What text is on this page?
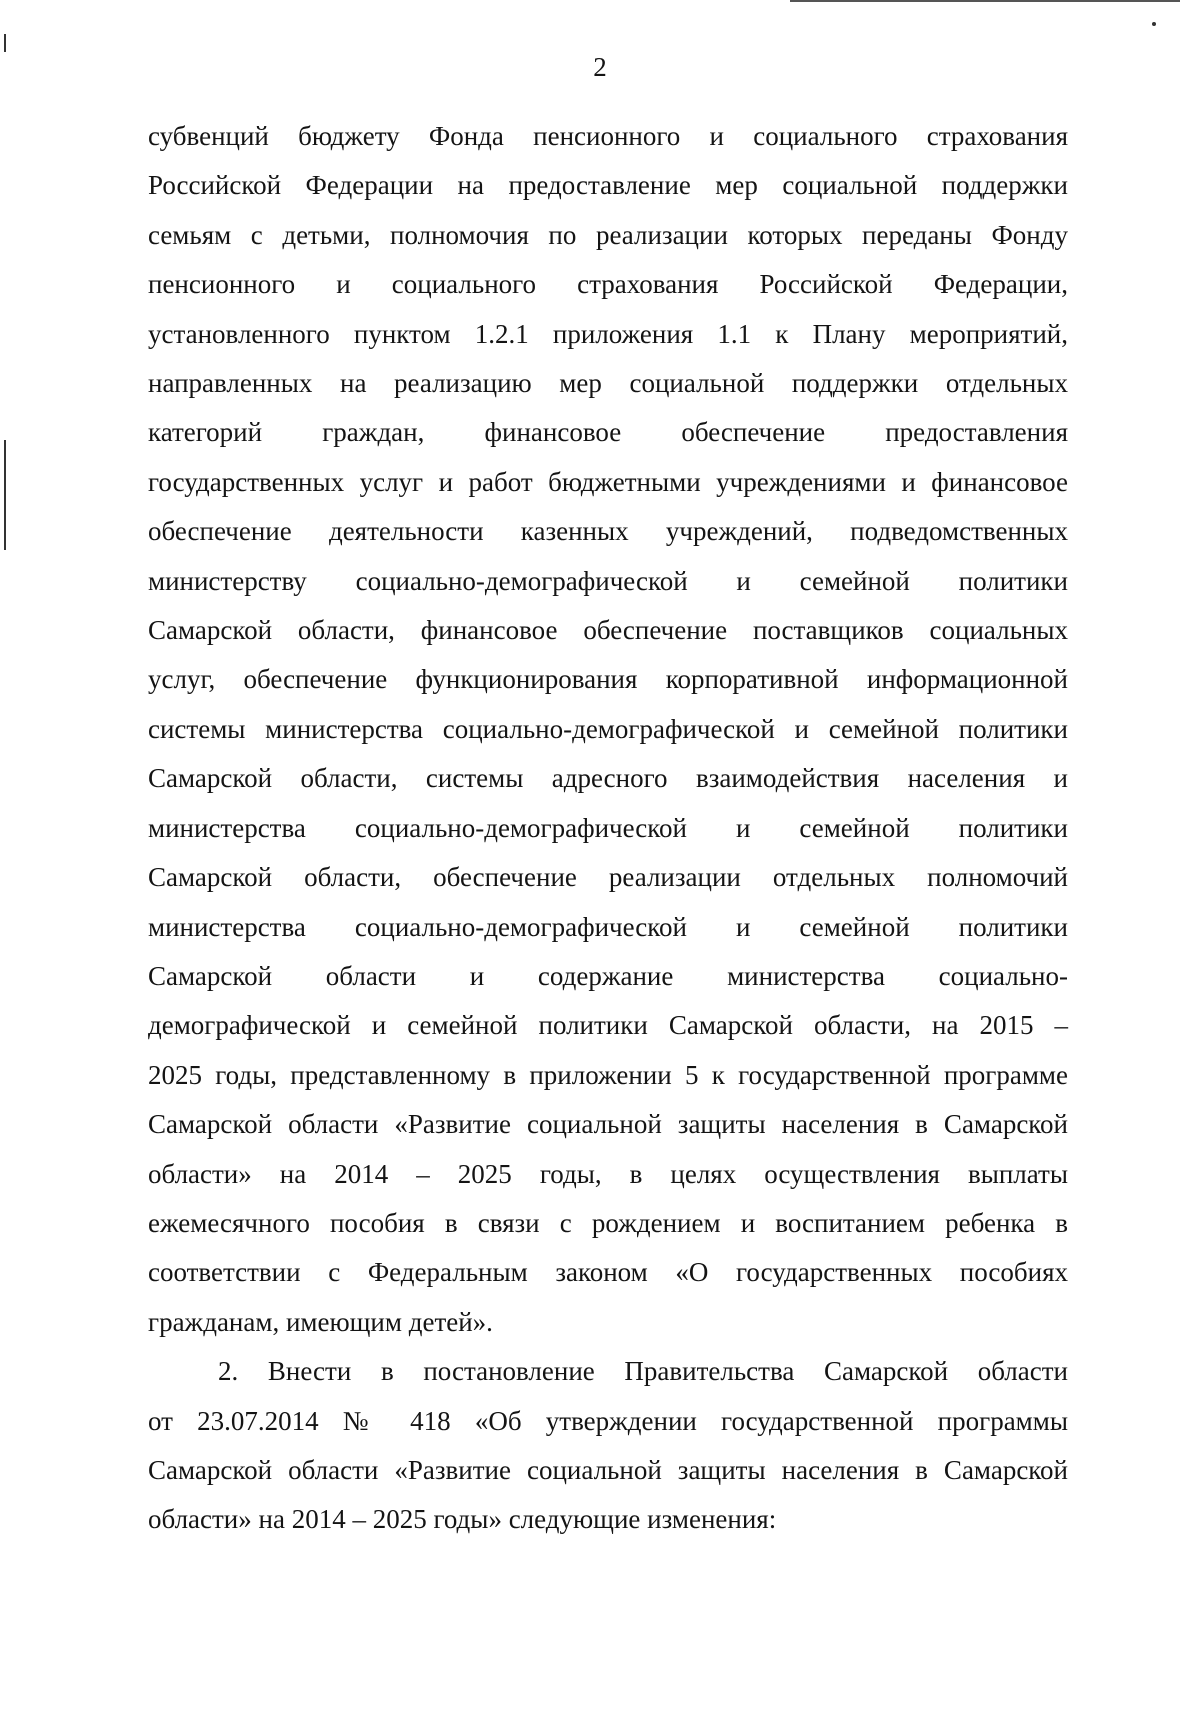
2
субвенций бюджету Фонда пенсионного и социального страхования
Российской Федерации на предоставление мер социальной поддержки
семьям с детьми, полномочия по реализации которых переданы Фонду
пенсионного и социального страхования Российской Федерации,
установленного пунктом 1.2.1 приложения 1.1 к Плану мероприятий,
направленных на реализацию мер социальной поддержки отдельных
категорий граждан, финансовое обеспечение предоставления
государственных услуг и работ бюджетными учреждениями и финансовое
обеспечение деятельности казенных учреждений, подведомственных
министерству социально-демографической и семейной политики
Самарской области, финансовое обеспечение поставщиков социальных
услуг, обеспечение функционирования корпоративной информационной
системы министерства социально-демографической и семейной политики
Самарской области, системы адресного взаимодействия населения и
министерства социально-демографической и семейной политики
Самарской области, обеспечение реализации отдельных полномочий
министерства социально-демографической и семейной политики
Самарской области и содержание министерства социально-
демографической и семейной политики Самарской области, на 2015 –
2025 годы, представленному в приложении 5 к государственной программе
Самарской области «Развитие социальной защиты населения в Самарской
области» на 2014 – 2025 годы, в целях осуществления выплаты
ежемесячного пособия в связи с рождением и воспитанием ребенка в
соответствии с Федеральным законом «О государственных пособиях
гражданам, имеющим детей».
2. Внести в постановление Правительства Самарской области
от 23.07.2014 № 418 «Об утверждении государственной программы
Самарской области «Развитие социальной защиты населения в Самарской
области» на 2014 – 2025 годы» следующие изменения:
